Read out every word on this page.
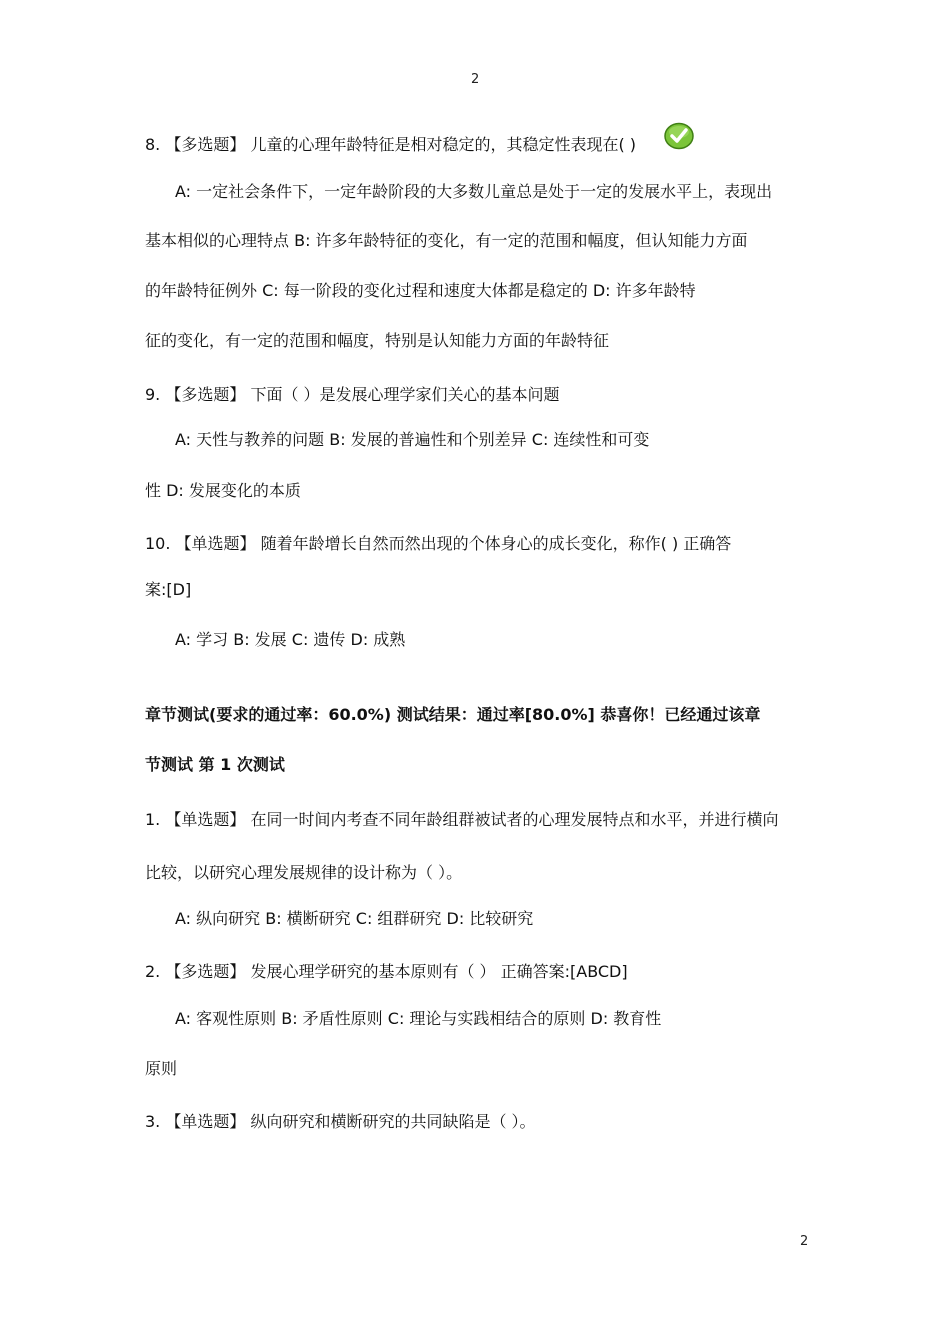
2
8. 【多选题】 儿童的心理年龄特征是相对稳定的，其稳定性表现在( )
A: 一定社会条件下，一定年龄阶段的大多数儿童总是处于一定的发展水平上，表现出
基本相似的心理特点 B: 许多年龄特征的变化，有一定的范围和幅度，但认知能力方面
的年龄特征例外 C: 每一阶段的变化过程和速度大体都是稳定的 D: 许多年龄特
征的变化，有一定的范围和幅度，特别是认知能力方面的年龄特征
9. 【多选题】 下面（ ）是发展心理学家们关心的基本问题
A: 天性与教养的问题 B: 发展的普遍性和个别差异 C: 连续性和可变
性 D: 发展变化的本质
10. 【单选题】 随着年龄增长自然而然出现的个体身心的成长变化，称作( ) 正确答
案:[D]
A: 学习 B: 发展 C: 遗传 D: 成熟
章节测试(要求的通过率：60.0%) 测试结果：通过率[80.0%] 恭喜你！已经通过该章
节测试 第 1 次测试
1. 【单选题】 在同一时间内考查不同年龄组群被试者的心理发展特点和水平，并进行横向
比较，以研究心理发展规律的设计称为（ ）。
A: 纵向研究 B: 横断研究 C: 组群研究 D: 比较研究
2. 【多选题】 发展心理学研究的基本原则有（ ） 正确答案:[ABCD]
A: 客观性原则 B: 矛盾性原则 C: 理论与实践相结合的原则 D: 教育性
原则
3. 【单选题】 纵向研究和横断研究的共同缺陷是（ ）。
2
